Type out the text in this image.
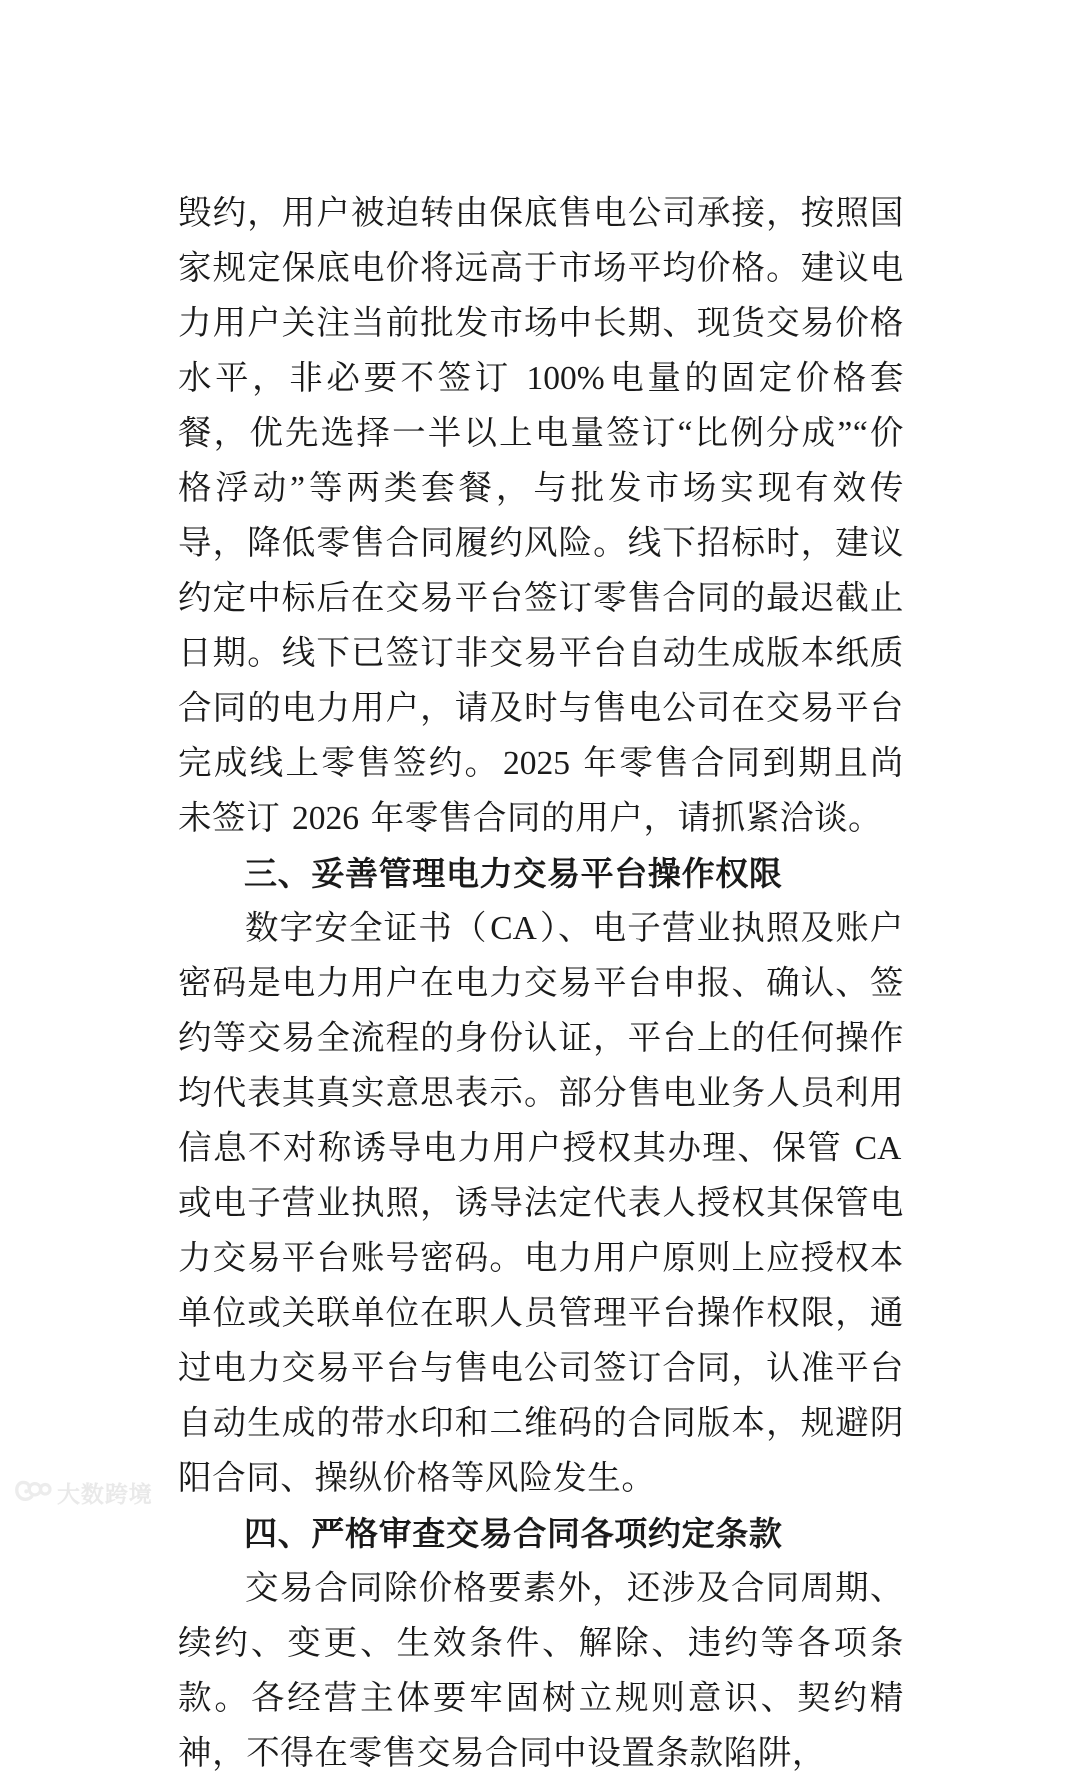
毁约，用户被迫转由保底售电公司承接，按照国家规定保底电价将远高于市场平均价格。建议电力用户关注当前批发市场中长期、现货交易价格水平，非必要不签订 100%电量的固定价格套餐，优先选择一半以上电量签订“比例分成”“价格浮动”等两类套餐，与批发市场实现有效传导，降低零售合同履约风险。线下招标时，建议约定中标后在交易平台签订零售合同的最迟截止日期。线下已签订非交易平台自动生成版本纸质合同的电力用户，请及时与售电公司在交易平台完成线上零售签约。2025 年零售合同到期且尚未签订 2026 年零售合同的用户，请抓紧洽谈。

三、妥善管理电力交易平台操作权限

数字安全证书（CA）、电子营业执照及账户密码是电力用户在电力交易平台申报、确认、签约等交易全流程的身份认证，平台上的任何操作均代表其真实意思表示。部分售电业务人员利用信息不对称诱导电力用户授权其办理、保管 CA 或电子营业执照，诱导法定代表人授权其保管电力交易平台账号密码。电力用户原则上应授权本单位或关联单位在职人员管理平台操作权限，通过电力交易平台与售电公司签订合同，认准平台自动生成的带水印和二维码的合同版本，规避阴阳合同、操纵价格等风险发生。

四、严格审查交易合同各项约定条款

交易合同除价格要素外，还涉及合同周期、续约、变更、生效条件、解除、违约等各项条款。各经营主体要牢固树立规则意识、契约精神，不得在零售交易合同中设置条款陷阱，

大数跨境
